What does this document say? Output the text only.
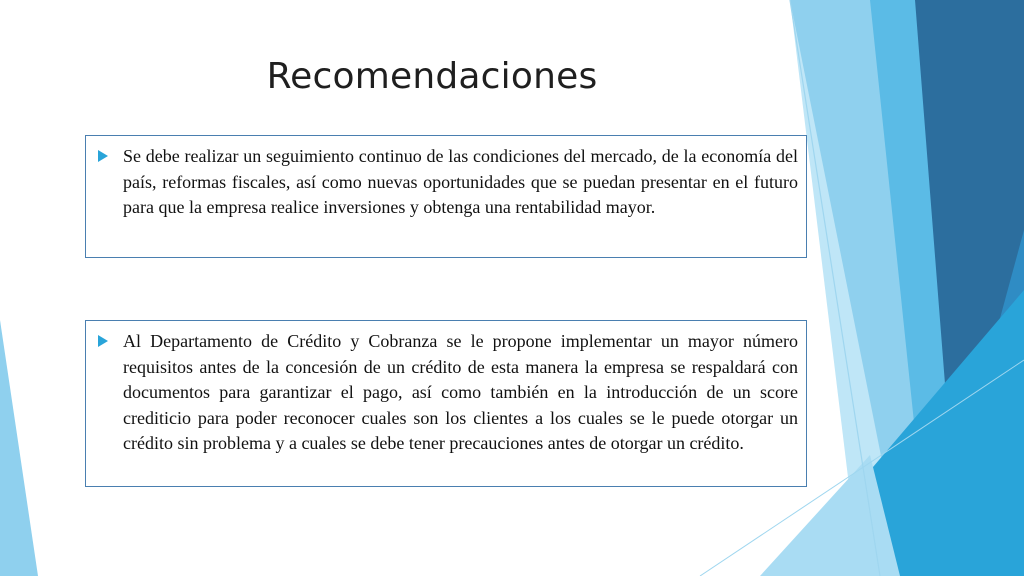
Recomendaciones

Se debe realizar un seguimiento continuo de las condiciones del mercado, de la economía del país, reformas fiscales, así como nuevas oportunidades que se puedan presentar en el futuro para que la empresa realice inversiones y obtenga una rentabilidad mayor.

Al Departamento de Crédito y Cobranza se le propone implementar un mayor número requisitos antes de la concesión de un crédito de esta manera la empresa se respaldará con documentos para garantizar el pago, así como también en la introducción de un score crediticio para poder reconocer cuales son los clientes a los cuales se le puede otorgar un crédito sin problema y a cuales se debe tener precauciones antes de otorgar un crédito.
